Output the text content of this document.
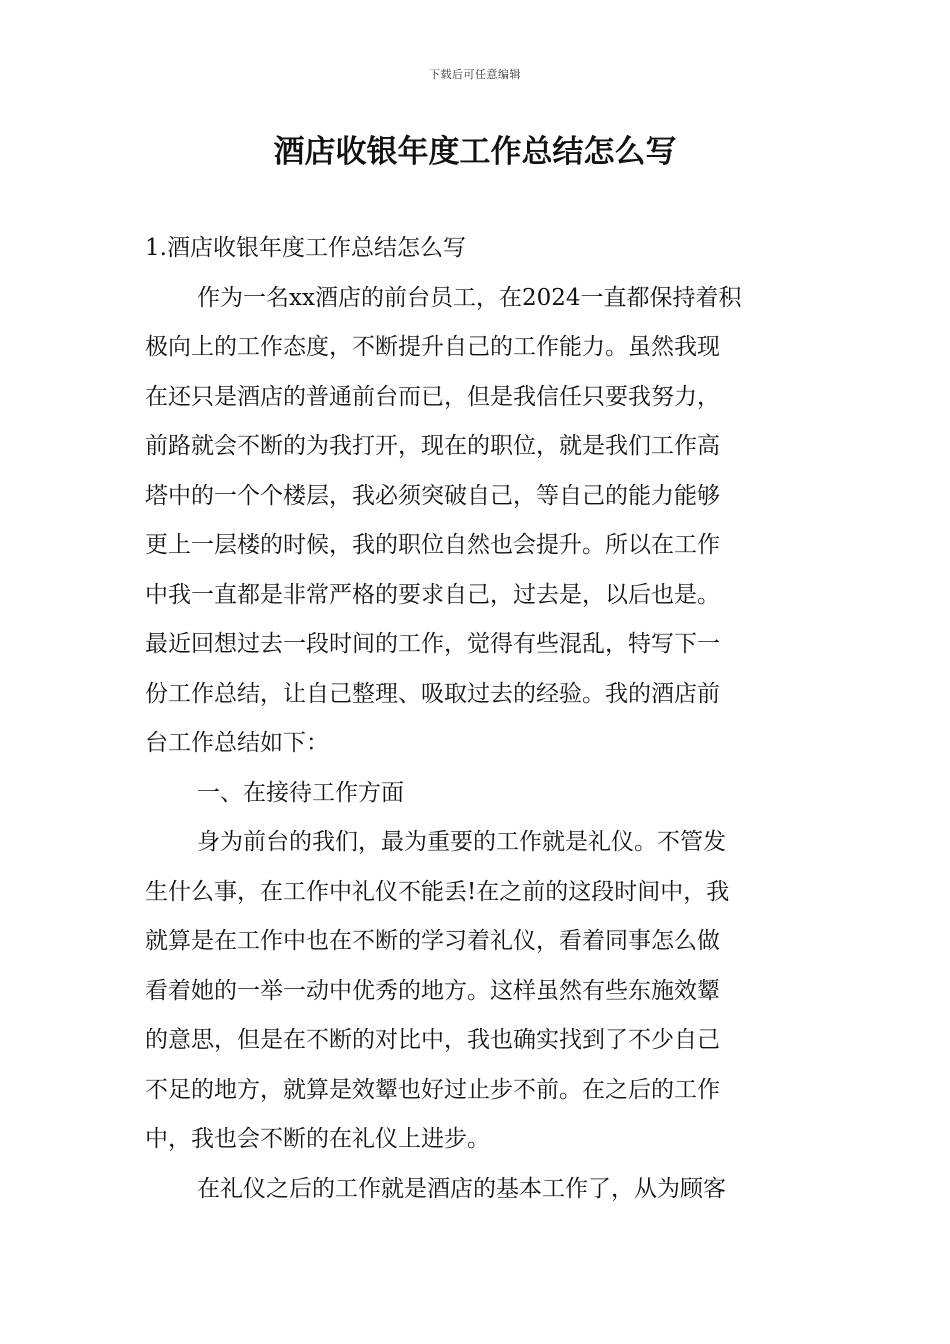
下载后可任意编辑
酒店收银年度工作总结怎么写
1.酒店收银年度工作总结怎么写
作为一名xx酒店的前台员工，在2024一直都保持着积
极向上的工作态度，不断提升自己的工作能力。虽然我现
在还只是酒店的普通前台而已，但是我信任只要我努力，
前路就会不断的为我打开，现在的职位，就是我们工作高
塔中的一个个楼层，我必须突破自己，等自己的能力能够
更上一层楼的时候，我的职位自然也会提升。所以在工作
中我一直都是非常严格的要求自己，过去是，以后也是。
最近回想过去一段时间的工作，觉得有些混乱，特写下一
份工作总结，让自己整理、吸取过去的经验。我的酒店前
台工作总结如下：
一、在接待工作方面
身为前台的我们，最为重要的工作就是礼仪。不管发
生什么事，在工作中礼仪不能丢!在之前的这段时间中，我
就算是在工作中也在不断的学习着礼仪，看着同事怎么做
看着她的一举一动中优秀的地方。这样虽然有些东施效颦
的意思，但是在不断的对比中，我也确实找到了不少自己
不足的地方，就算是效颦也好过止步不前。在之后的工作
中，我也会不断的在礼仪上进步。
在礼仪之后的工作就是酒店的基本工作了，从为顾客
